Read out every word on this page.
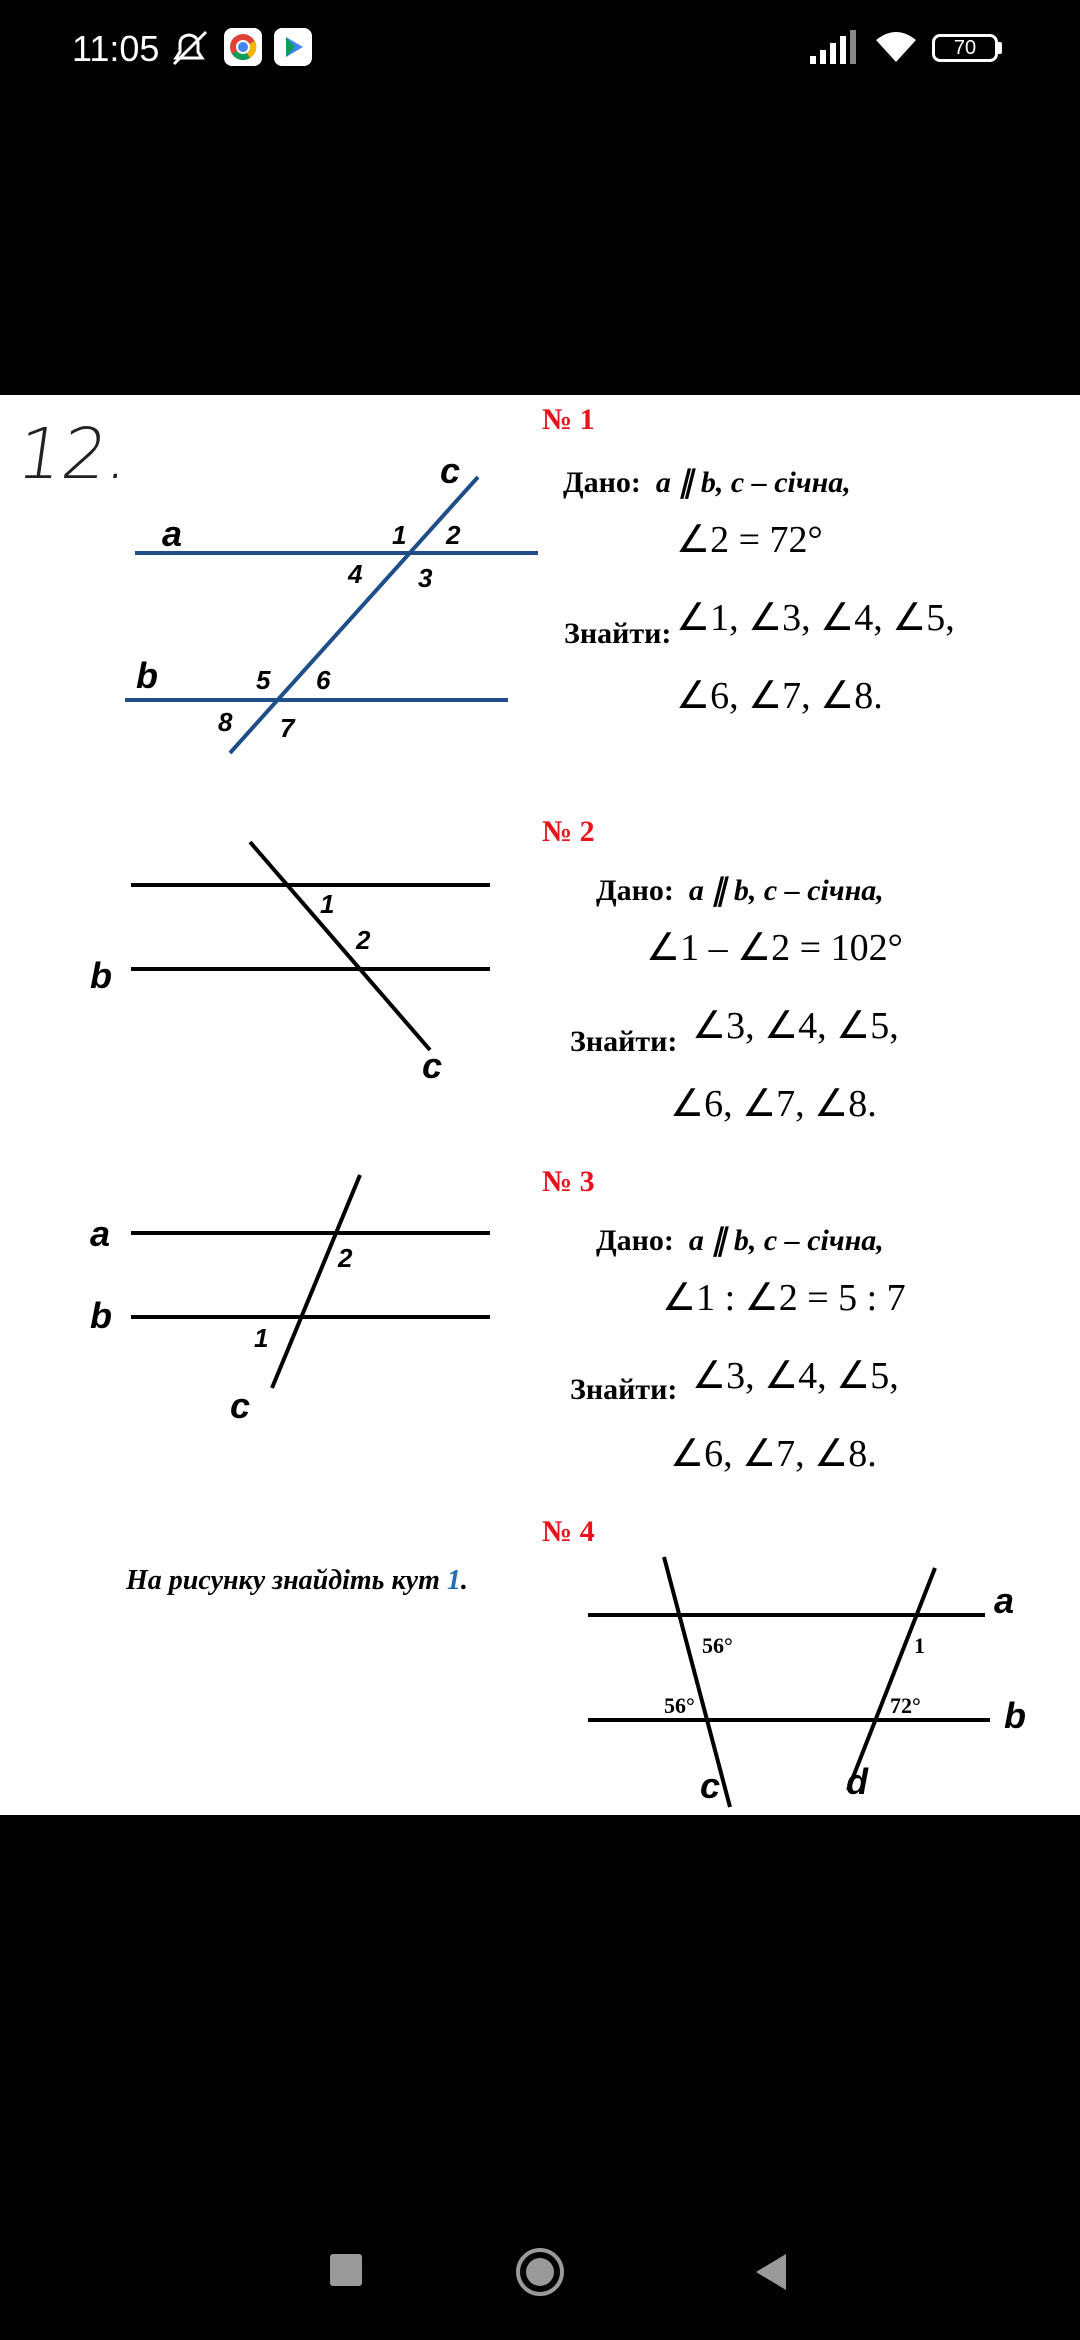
11:05	70
12.
a
b
c
1 2
3
4
5 6
7
8
№ 1
Дано: a ∥ b, c – січна,
∠2 = 72°
Знайти: ∠1, ∠3, ∠4, ∠5,
∠6, ∠7, ∠8.
b
c
1
2
№ 2
Дано: a ∥ b, c – січна,
∠1 – ∠2 = 102°
Знайти: ∠3, ∠4, ∠5,
∠6, ∠7, ∠8.
a
b
c
1
2
№ 3
Дано: a ∥ b, c – січна,
∠1 : ∠2 = 5 : 7
Знайти: ∠3, ∠4, ∠5,
∠6, ∠7, ∠8.
№ 4
На рисунку знайдіть кут 1.	a
b
c	d
56°
56°	72°
1
